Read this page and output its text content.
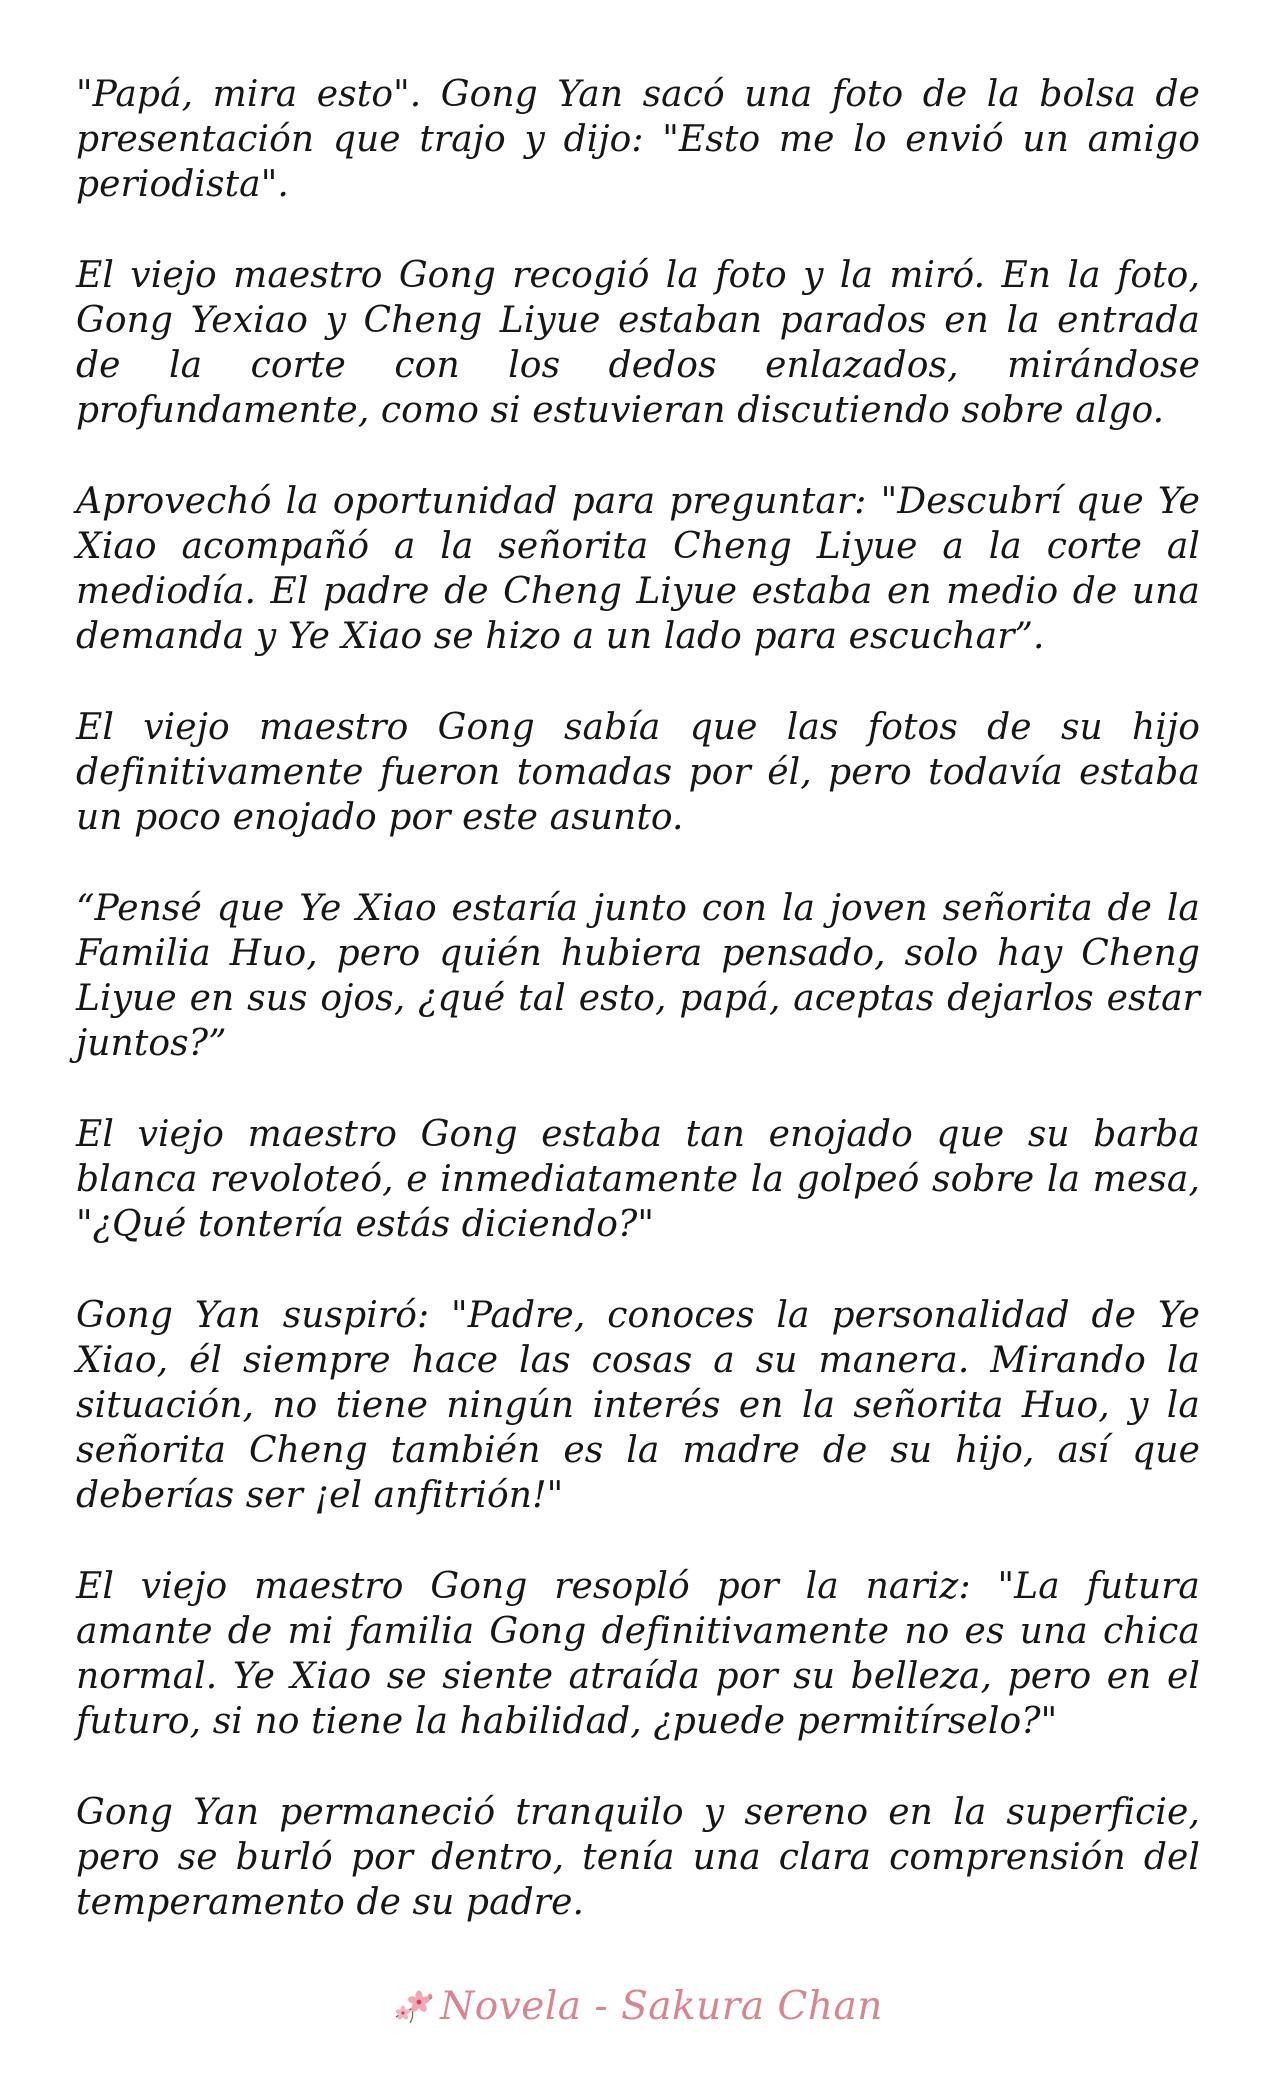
"Papá, mira esto". Gong Yan sacó una foto de la bolsa de presentación que trajo y dijo: "Esto me lo envió un amigo periodista".

El viejo maestro Gong recogió la foto y la miró. En la foto, Gong Yexiao y Cheng Liyue estaban parados en la entrada de la corte con los dedos enlazados, mirándose profundamente, como si estuvieran discutiendo sobre algo.

Aprovechó la oportunidad para preguntar: "Descubrí que Ye Xiao acompañó a la señorita Cheng Liyue a la corte al mediodía. El padre de Cheng Liyue estaba en medio de una demanda y Ye Xiao se hizo a un lado para escuchar”.

El viejo maestro Gong sabía que las fotos de su hijo definitivamente fueron tomadas por él, pero todavía estaba un poco enojado por este asunto.

“Pensé que Ye Xiao estaría junto con la joven señorita de la Familia Huo, pero quién hubiera pensado, solo hay Cheng Liyue en sus ojos, ¿qué tal esto, papá, aceptas dejarlos estar juntos?”

El viejo maestro Gong estaba tan enojado que su barba blanca revoloteó, e inmediatamente la golpeó sobre la mesa, "¿Qué tontería estás diciendo?"

Gong Yan suspiró: "Padre, conoces la personalidad de Ye Xiao, él siempre hace las cosas a su manera. Mirando la situación, no tiene ningún interés en la señorita Huo, y la señorita Cheng también es la madre de su hijo, así que deberías ser ¡el anfitrión!"

El viejo maestro Gong resopló por la nariz: "La futura amante de mi familia Gong definitivamente no es una chica normal. Ye Xiao se siente atraída por su belleza, pero en el futuro, si no tiene la habilidad, ¿puede permitírselo?"

Gong Yan permaneció tranquilo y sereno en la superficie, pero se burló por dentro, tenía una clara comprensión del temperamento de su padre.

Novela - Sakura Chan
